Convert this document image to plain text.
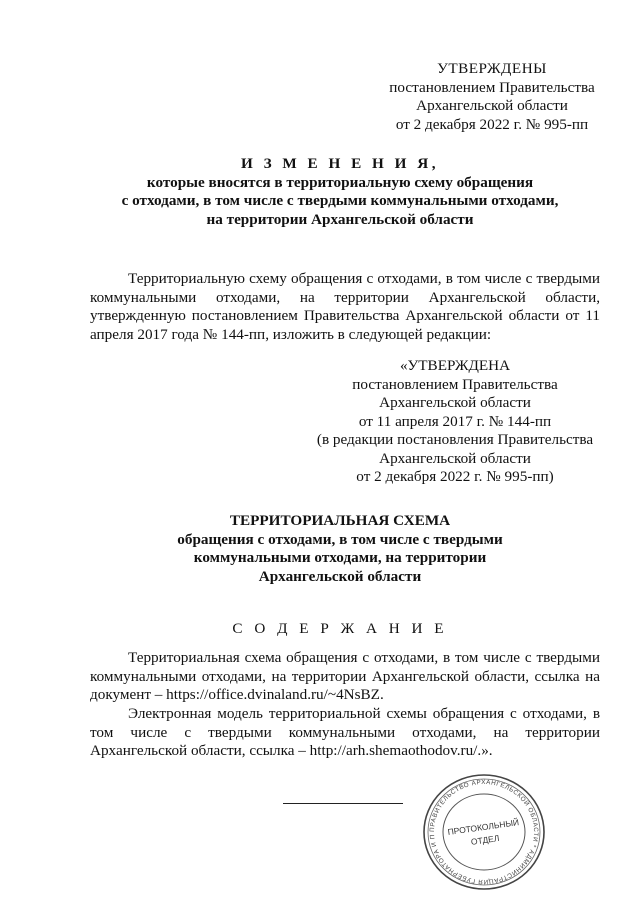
УТВЕРЖДЕНЫ
постановлением Правительства
Архангельской области
от 2 декабря 2022 г. № 995-пп
И З М Е Н Е Н И Я,
которые вносятся в территориальную схему обращения
с отходами, в том числе с твердыми коммунальными отходами,
на территории Архангельской области
Территориальную схему обращения с отходами, в том числе с твердыми коммунальными отходами, на территории Архангельской области, утвержденную постановлением Правительства Архангельской области от 11 апреля 2017 года № 144-пп, изложить в следующей редакции:
«УТВЕРЖДЕНА
постановлением Правительства
Архангельской области
от 11 апреля 2017 г. № 144-пп
(в редакции постановления Правительства
Архангельской области
от 2 декабря 2022 г. № 995-пп)
ТЕРРИТОРИАЛЬНАЯ СХЕМА
обращения с отходами, в том числе с твердыми
коммунальными отходами, на территории
Архангельской области
С О Д Е Р Ж А Н И Е
Территориальная схема обращения с отходами, в том числе с твердыми коммунальными отходами, на территории Архангельской области, ссылка на документ – https://office.dvinaland.ru/~4NsBZ.
Электронная модель территориальной схемы обращения с отходами, в том числе с твердыми коммунальными отходами, на территории Архангельской области, ссылка – http://arh.shemaothodov.ru/.».
ПРАВИТЕЛЬСТВО АРХАНГЕЛЬСКОЙ ОБЛАСТИ * АДМИНИСТРАЦИЯ ГУБЕРНАТОРА И П	ПРОТОКОЛЬНЫЙ
ОТДЕЛ
